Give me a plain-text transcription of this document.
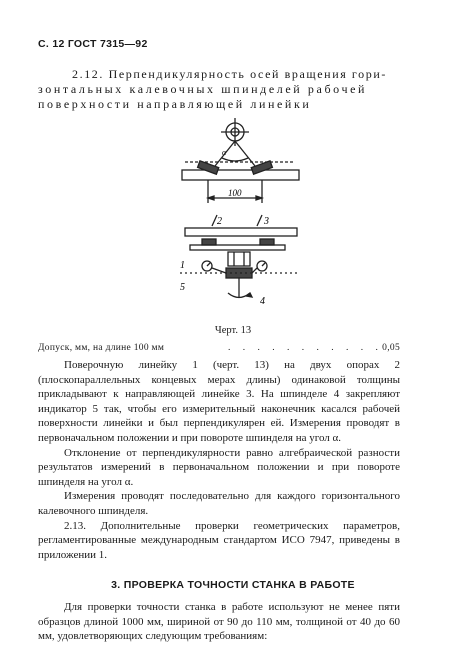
С. 12 ГОСТ 7315—92
2.12. Перпендикулярность осей вращения гори-
зонтальных калевочных шпинделей рабочей поверхности направляющей линейки
100
α
2	3
1
5
4
Черт. 13
Допуск, мм, на длине 100 мм	. . . . . . . . . . . 0,05

Поверочную линейку 1 (черт. 13) на двух опорах 2 (плоскопараллельных концевых мерах длины) одинаковой толщины прикладывают к направляющей линейке 3. На шпинделе 4 закрепляют индикатор 5 так, чтобы его измерительный наконечник касался рабочей поверхности линейки и был перпендикулярен ей. Измерения проводят в первоначальном положении и при повороте шпинделя на угол α.

Отклонение от перпендикулярности равно алгебраической разности результатов измерений в первоначальном положении и при повороте шпинделя на угол α.

Измерения проводят последовательно для каждого горизонтального калевочного шпинделя.

2.13. Дополнительные проверки геометрических параметров, регламентированные международным стандартом ИСО 7947, приведены в приложении 1.

3. ПРОВЕРКА ТОЧНОСТИ СТАНКА В РАБОТЕ

Для проверки точности станка в работе используют не менее пяти образцов длиной 1000 мм, шириной от 90 до 110 мм, толщиной от 40 до 60 мм, удовлетворяющих следующим требованиям:
